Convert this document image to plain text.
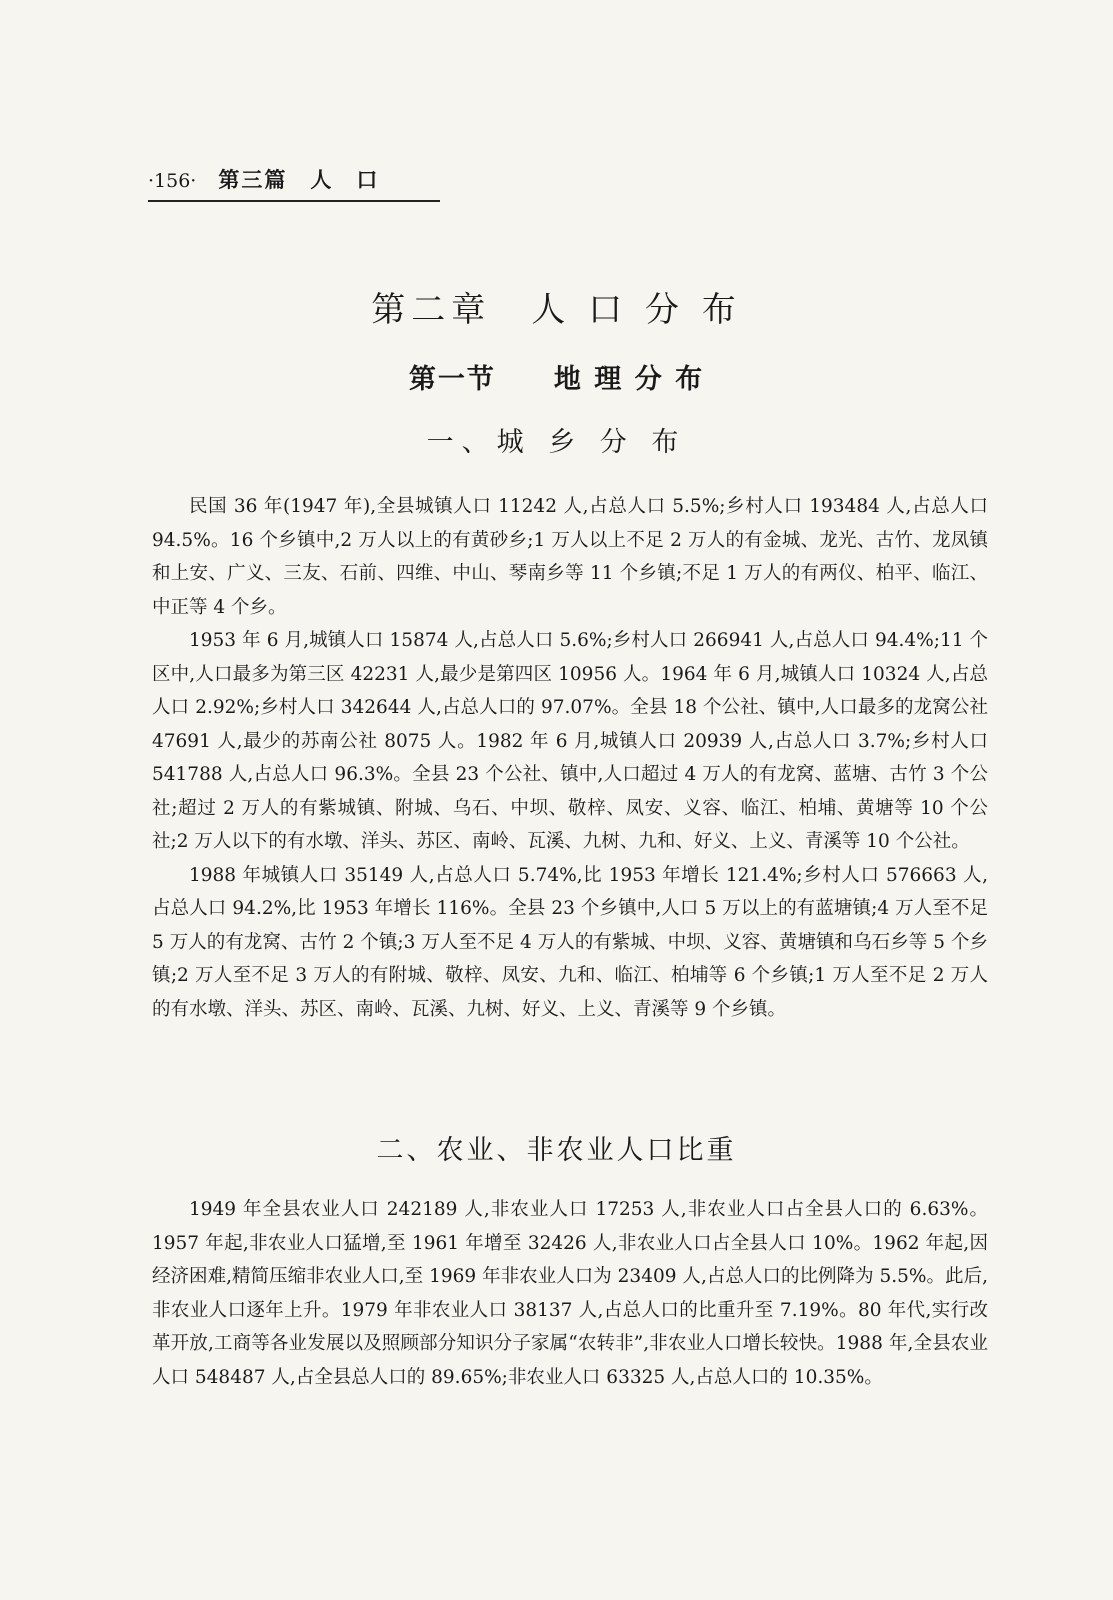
·156· 第三篇　人　口
第二章　人 口 分 布
第一节　　地 理 分 布
一、城 乡 分 布

民国 36 年(1947 年),全县城镇人口 11242 人,占总人口 5.5%;乡村人口 193484 人,占总人口 94.5%。16 个乡镇中,2 万人以上的有黄砂乡;1 万人以上不足 2 万人的有金城、龙光、古竹、龙凤镇和上安、广义、三友、石前、四维、中山、琴南乡等 11 个乡镇;不足 1 万人的有两仪、柏平、临江、中正等 4 个乡。

1953 年 6 月,城镇人口 15874 人,占总人口 5.6%;乡村人口 266941 人,占总人口 94.4%;11 个区中,人口最多为第三区 42231 人,最少是第四区 10956 人。1964 年 6 月,城镇人口 10324 人,占总人口 2.92%;乡村人口 342644 人,占总人口的 97.07%。全县 18 个公社、镇中,人口最多的龙窝公社 47691 人,最少的苏南公社 8075 人。1982 年 6 月,城镇人口 20939 人,占总人口 3.7%;乡村人口 541788 人,占总人口 96.3%。全县 23 个公社、镇中,人口超过 4 万人的有龙窝、蓝塘、古竹 3 个公社;超过 2 万人的有紫城镇、附城、乌石、中坝、敬梓、凤安、义容、临江、柏埔、黄塘等 10 个公社;2 万人以下的有水墩、洋头、苏区、南岭、瓦溪、九树、九和、好义、上义、青溪等 10 个公社。

1988 年城镇人口 35149 人,占总人口 5.74%,比 1953 年增长 121.4%;乡村人口 576663 人,占总人口 94.2%,比 1953 年增长 116%。全县 23 个乡镇中,人口 5 万以上的有蓝塘镇;4 万人至不足 5 万人的有龙窝、古竹 2 个镇;3 万人至不足 4 万人的有紫城、中坝、义容、黄塘镇和乌石乡等 5 个乡镇;2 万人至不足 3 万人的有附城、敬梓、凤安、九和、临江、柏埔等 6 个乡镇;1 万人至不足 2 万人的有水墩、洋头、苏区、南岭、瓦溪、九树、好义、上义、青溪等 9 个乡镇。

二、农业、非农业人口比重

1949 年全县农业人口 242189 人,非农业人口 17253 人,非农业人口占全县人口的 6.63%。1957 年起,非农业人口猛增,至 1961 年增至 32426 人,非农业人口占全县人口 10%。1962 年起,因经济困难,精简压缩非农业人口,至 1969 年非农业人口为 23409 人,占总人口的比例降为 5.5%。此后,非农业人口逐年上升。1979 年非农业人口 38137 人,占总人口的比重升至 7.19%。80 年代,实行改革开放,工商等各业发展以及照顾部分知识分子家属“农转非”,非农业人口增长较快。1988 年,全县农业人口 548487 人,占全县总人口的 89.65%;非农业人口 63325 人,占总人口的 10.35%。
